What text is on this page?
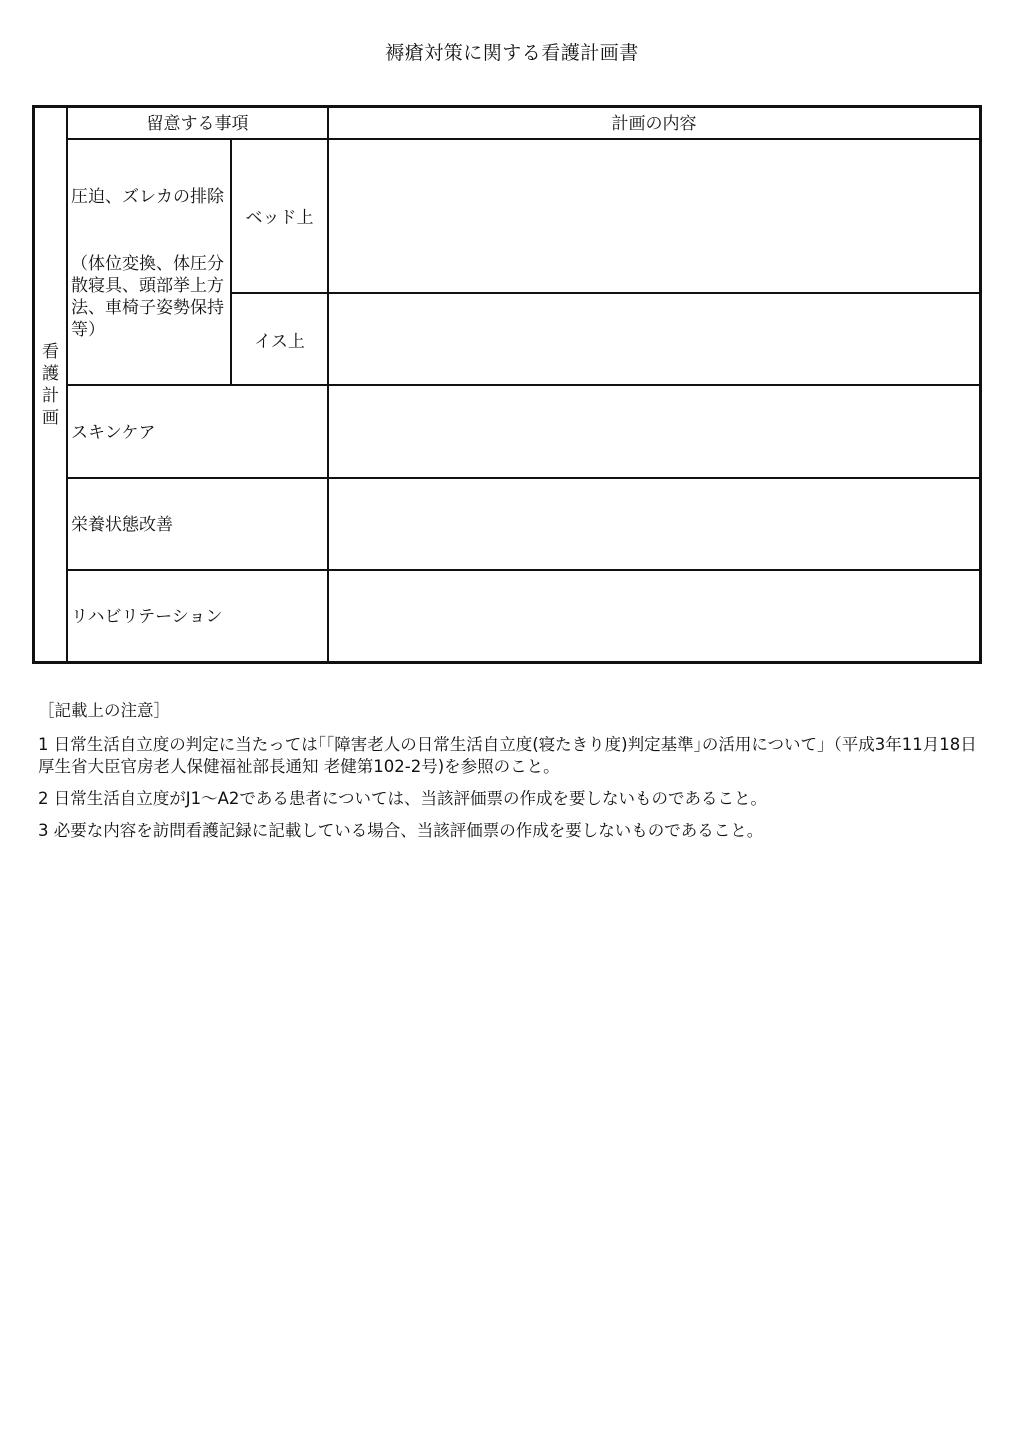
褥瘡対策に関する看護計画書
看護計画
留意する事項	計画の内容
圧迫、ズレカの排除
（体位変換、体圧分散寝具、頭部挙上方法、車椅子姿勢保持等）
ベッド上
イス上
スキンケア
栄養状態改善
リハビリテーション
［記載上の注意］
1 日常生活自立度の判定に当たっては｢｢障害老人の日常生活自立度(寝たきり度)判定基準｣の活用について｣（平成3年11月18日 厚生省大臣官房老人保健福祉部長通知 老健第102-2号)を参照のこと。
2 日常生活自立度がJ1～A2である患者については、当該評価票の作成を要しないものであること。
3 必要な内容を訪問看護記録に記載している場合、当該評価票の作成を要しないものであること。
